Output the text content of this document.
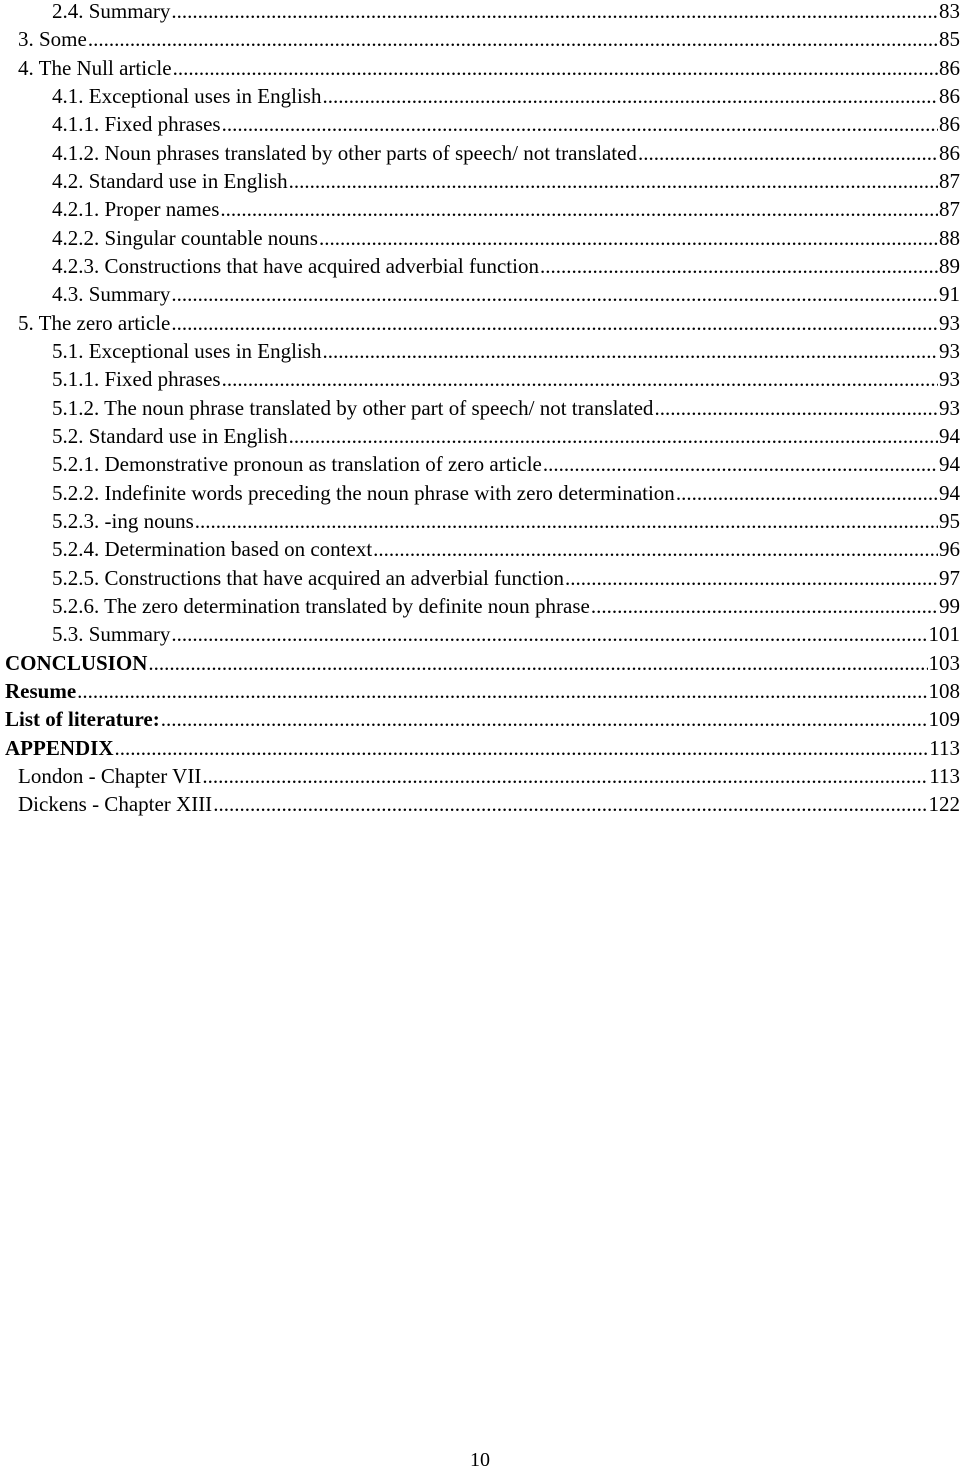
2.4. Summary .....	83
3. Some .....	85
4. The Null article .....	86
4.1. Exceptional uses in English .....	86
4.1.1. Fixed phrases .....	86
4.1.2. Noun phrases translated by other parts of speech/ not translated .....	86
4.2. Standard use in English .....	87
4.2.1. Proper names .....	87
4.2.2. Singular countable nouns .....	88
4.2.3. Constructions that have acquired adverbial function .....	89
4.3. Summary .....	91
5. The zero article .....	93
5.1. Exceptional uses in English .....	93
5.1.1. Fixed phrases .....	93
5.1.2. The noun phrase translated by other part of speech/ not translated .....	93
5.2. Standard use in English .....	94
5.2.1. Demonstrative pronoun as translation of zero article .....	94
5.2.2. Indefinite words preceding the noun phrase with zero determination .....	94
5.2.3. -ing nouns .....	95
5.2.4. Determination based on context .....	96
5.2.5. Constructions that have acquired an adverbial function .....	97
5.2.6. The zero determination translated by definite noun phrase .....	99
5.3. Summary .....	101
CONCLUSION .....	103
Resume .....	108
List of literature: .....	109
APPENDIX .....	113
London - Chapter VII .....	113
Dickens - Chapter XIII .....	122
10
